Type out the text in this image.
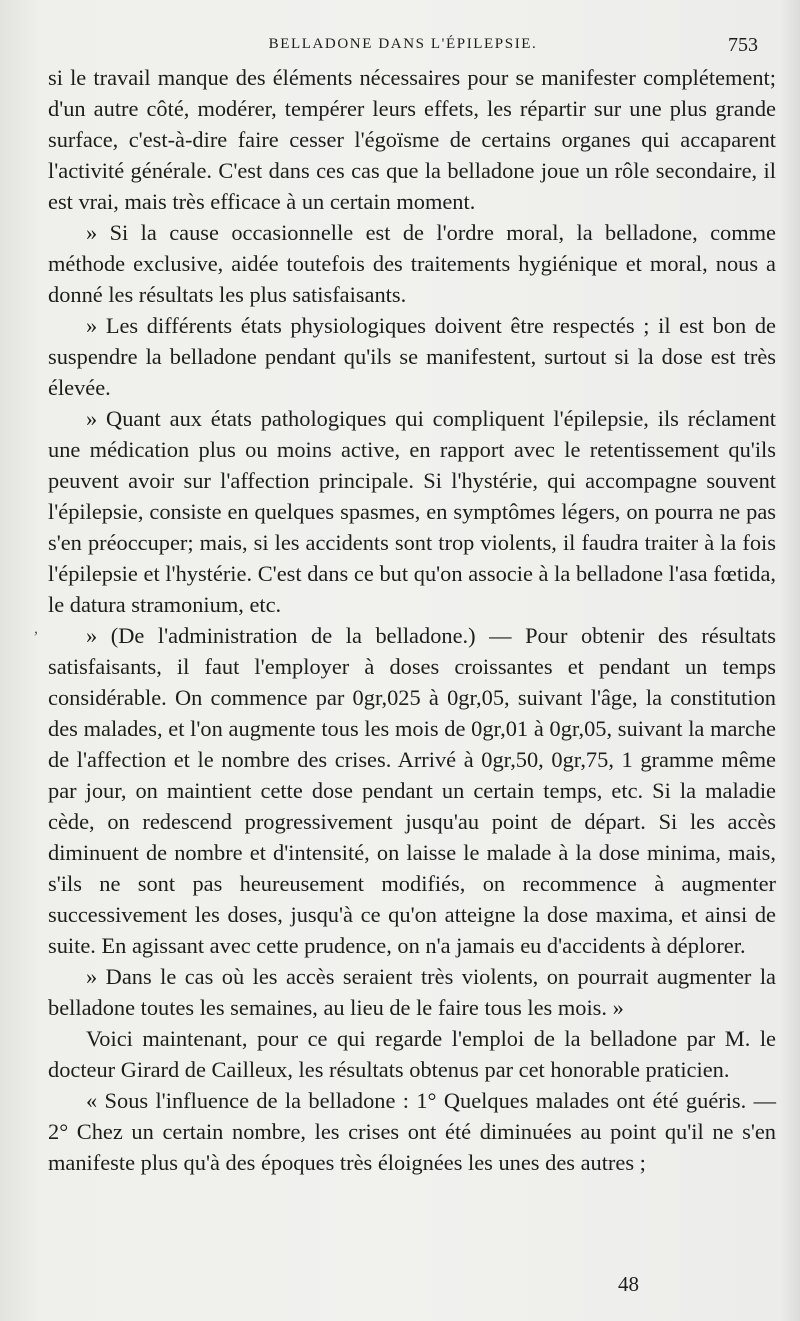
BELLADONE DANS L'ÉPILEPSIE.	753
,

si le travail manque des éléments nécessaires pour se manifester complétement; d'un autre côté, modérer, tempérer leurs effets, les répartir sur une plus grande surface, c'est-à-dire faire cesser l'égoïsme de certains organes qui accaparent l'activité générale. C'est dans ces cas que la belladone joue un rôle secondaire, il est vrai, mais très efficace à un certain moment.

» Si la cause occasionnelle est de l'ordre moral, la belladone, comme méthode exclusive, aidée toutefois des traitements hygiénique et moral, nous a donné les résultats les plus satisfaisants.

» Les différents états physiologiques doivent être respectés ; il est bon de suspendre la belladone pendant qu'ils se manifestent, surtout si la dose est très élevée.

» Quant aux états pathologiques qui compliquent l'épilepsie, ils réclament une médication plus ou moins active, en rapport avec le retentissement qu'ils peuvent avoir sur l'affection principale. Si l'hystérie, qui accompagne souvent l'épilepsie, consiste en quelques spasmes, en symptômes légers, on pourra ne pas s'en préoccuper; mais, si les accidents sont trop violents, il faudra traiter à la fois l'épilepsie et l'hystérie. C'est dans ce but qu'on associe à la belladone l'asa fœtida, le datura stramonium, etc.

» (De l'administration de la belladone.) — Pour obtenir des résultats satisfaisants, il faut l'employer à doses croissantes et pendant un temps considérable. On commence par 0gr,025 à 0gr,05, suivant l'âge, la constitution des malades, et l'on augmente tous les mois de 0gr,01 à 0gr,05, suivant la marche de l'affection et le nombre des crises. Arrivé à 0gr,50, 0gr,75, 1 gramme même par jour, on maintient cette dose pendant un certain temps, etc. Si la maladie cède, on redescend progressivement jusqu'au point de départ. Si les accès diminuent de nombre et d'intensité, on laisse le malade à la dose minima, mais, s'ils ne sont pas heureusement modifiés, on recommence à augmenter successivement les doses, jusqu'à ce qu'on atteigne la dose maxima, et ainsi de suite. En agissant avec cette prudence, on n'a jamais eu d'accidents à déplorer.

» Dans le cas où les accès seraient très violents, on pourrait augmenter la belladone toutes les semaines, au lieu de le faire tous les mois. »

Voici maintenant, pour ce qui regarde l'emploi de la belladone par M. le docteur Girard de Cailleux, les résultats obtenus par cet honorable praticien.

« Sous l'influence de la belladone : 1° Quelques malades ont été guéris. — 2° Chez un certain nombre, les crises ont été diminuées au point qu'il ne s'en manifeste plus qu'à des époques très éloignées les unes des autres ;

48
